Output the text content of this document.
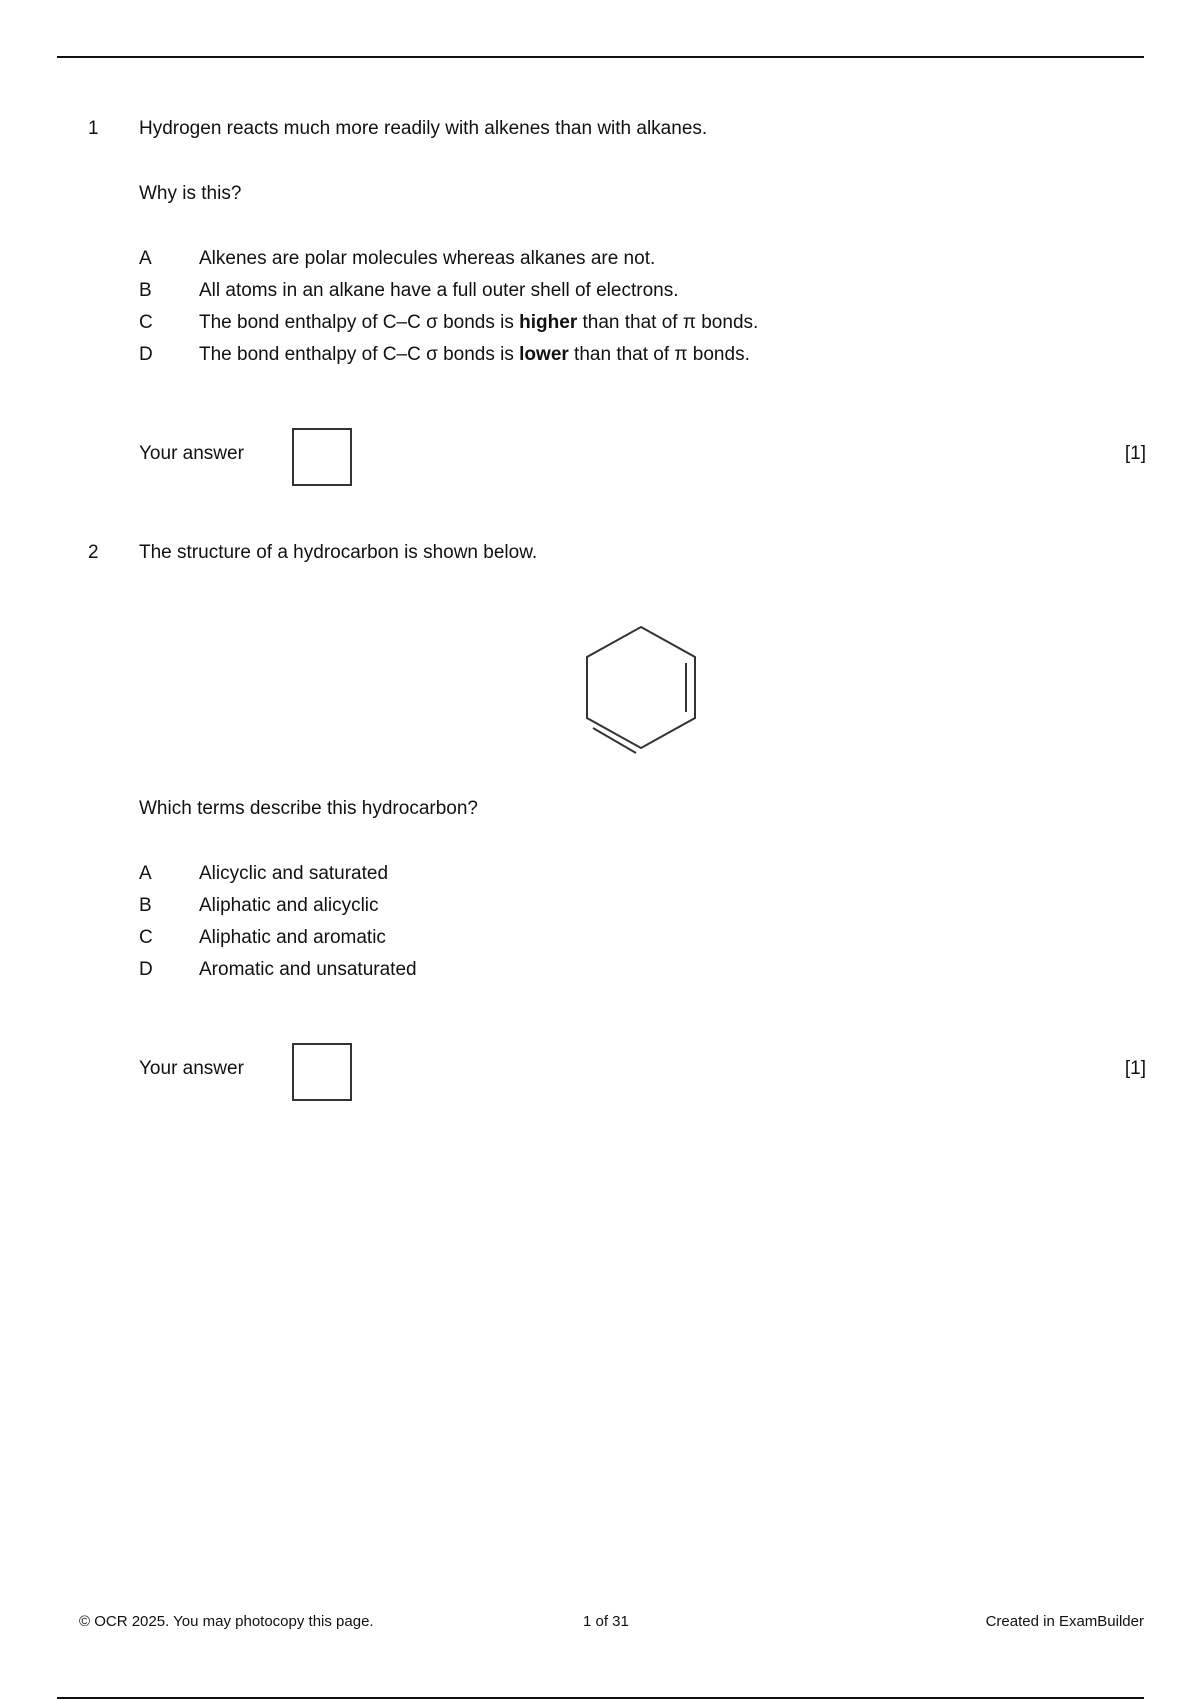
1	Hydrogen reacts much more readily with alkenes than with alkanes.
Why is this?
A	Alkenes are polar molecules whereas alkanes are not.
B	All atoms in an alkane have a full outer shell of electrons.
C	The bond enthalpy of C–C σ bonds is higher than that of π bonds.
D	The bond enthalpy of C–C σ bonds is lower than that of π bonds.
Your answer	[1]
2	The structure of a hydrocarbon is shown below.
Which terms describe this hydrocarbon?
A	Alicyclic and saturated
B	Aliphatic and alicyclic
C	Aliphatic and aromatic
D	Aromatic and unsaturated
Your answer	[1]
© OCR 2025. You may photocopy this page.	1 of 31	Created in ExamBuilder
